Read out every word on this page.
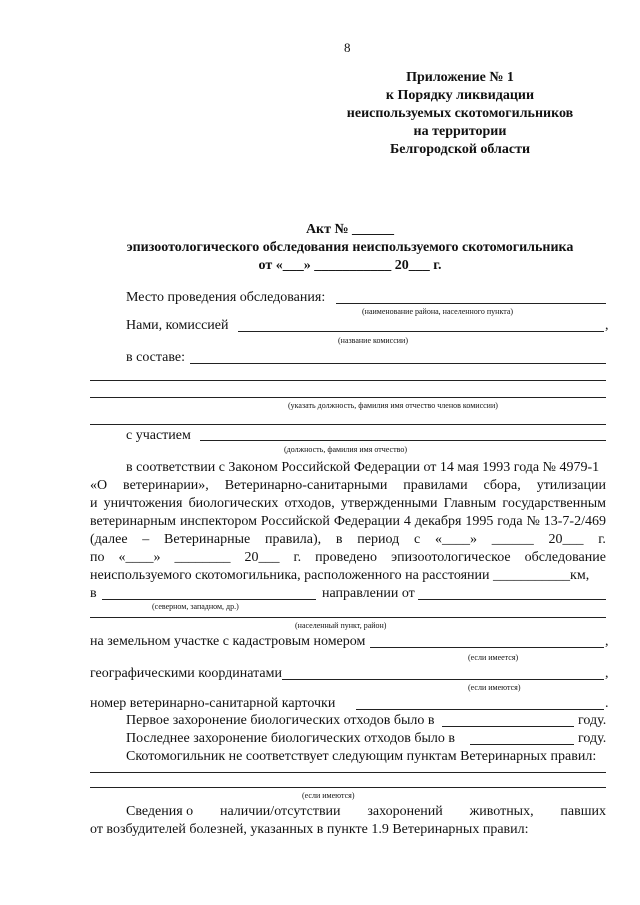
8
Приложение № 1
к Порядку ликвидации
неиспользуемых скотомогильников
на территории
Белгородской области
Акт № ______
эпизоотологического обследования неиспользуемого скотомогильника
от «___» ___________ 20___ г.
Место проведения обследования:
(наименование района, населенного пункта)
Нами, комиссией	,
(название комиссии)
в составе:
(указать должность, фамилия имя отчество членов комиссии)
с участием
(должность, фамилия имя отчество)
в соответствии с Законом Российской Федерации от 14 мая 1993 года № 4979-1
«О ветеринарии», Ветеринарно-санитарными правилами сбора, утилизации
и уничтожения биологических отходов, утвержденными Главным государственным
ветеринарным инспектором Российской Федерации 4 декабря 1995 года № 13-7-2/469
(далее – Ветеринарные правила), в период с «____» ______ 20___ г.
по «____» ________ 20___ г. проведено эпизоотологическое обследование
неиспользуемого скотомогильника, расположенного на расстоянии ___________км,
в	направлении от
(северном, западном, др.)
(населенный пункт, район)
на земельном участке с кадастровым номером	,
(если имеется)
географическими координатами	,
(если имеются)
номер ветеринарно-санитарной карточки	.
Первое захоронение биологических отходов было в	году.
Последнее захоронение биологических отходов было в	году.
Скотомогильник не соответствует следующим пунктам Ветеринарных правил:
(если имеются)
Сведения о наличии/отсутствии захоронений животных, павших
от возбудителей болезней, указанных в пункте 1.9 Ветеринарных правил:
